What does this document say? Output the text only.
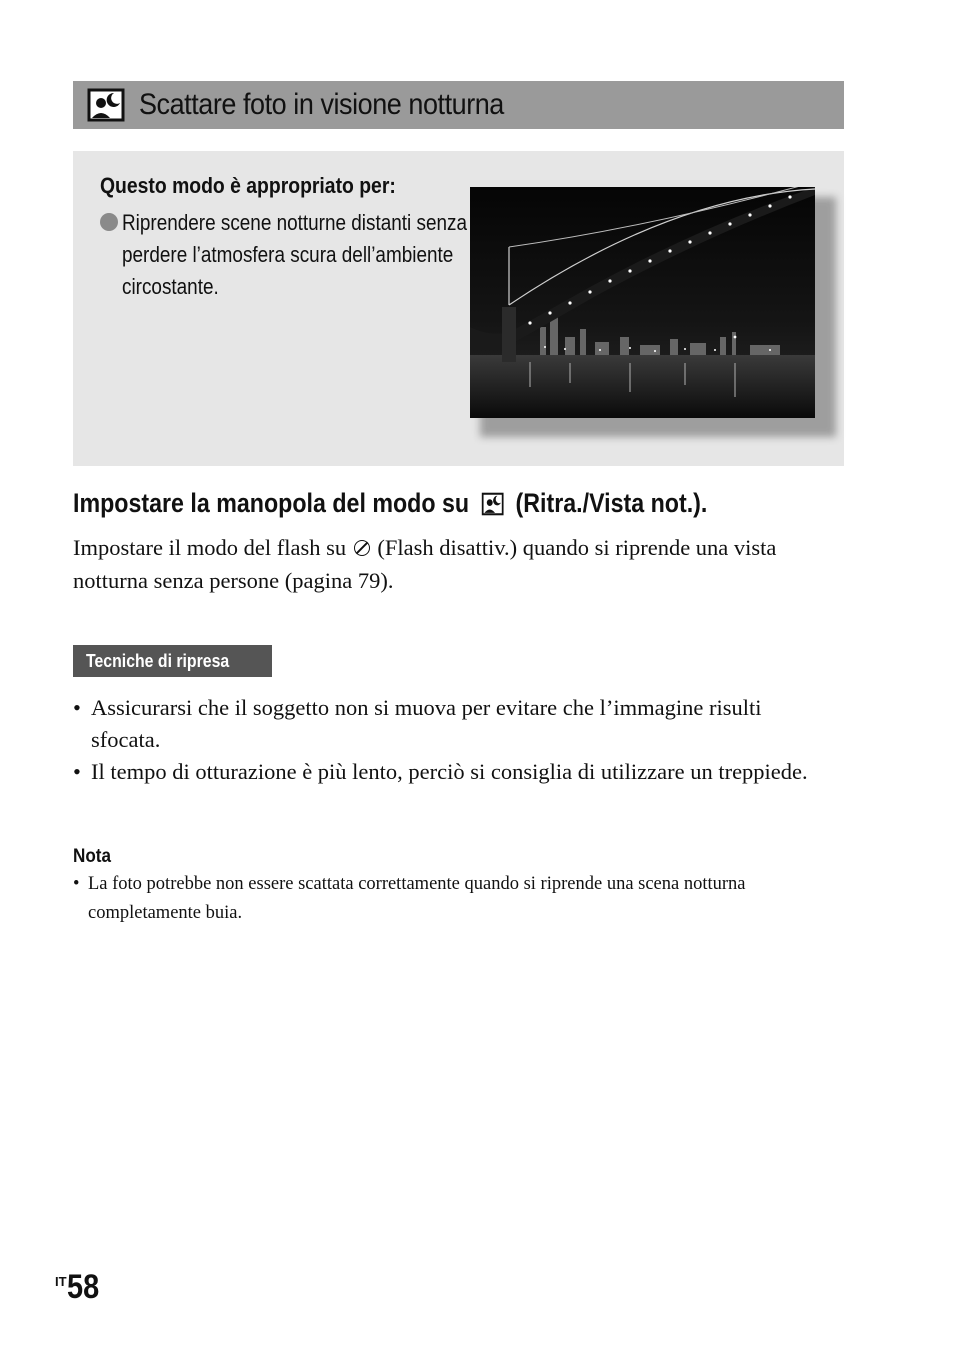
Scattare foto in visione notturna
Questo modo è appropriato per:
Riprendere scene notturne distanti senza perdere l’atmosfera scura dell’ambiente circostante.
Impostare la manopola del modo su (Ritra./Vista not.).
Impostare il modo del flash su (Flash disattiv.) quando si riprende una vista notturna senza persone (pagina 79).
Tecniche di ripresa
• Assicurarsi che il soggetto non si muova per evitare che l’immagine risulti sfocata.
• Il tempo di otturazione è più lento, perciò si consiglia di utilizzare un treppiede.
Nota
• La foto potrebbe non essere scattata correttamente quando si riprende una scena notturna completamente buia.
$^{IT}$58
